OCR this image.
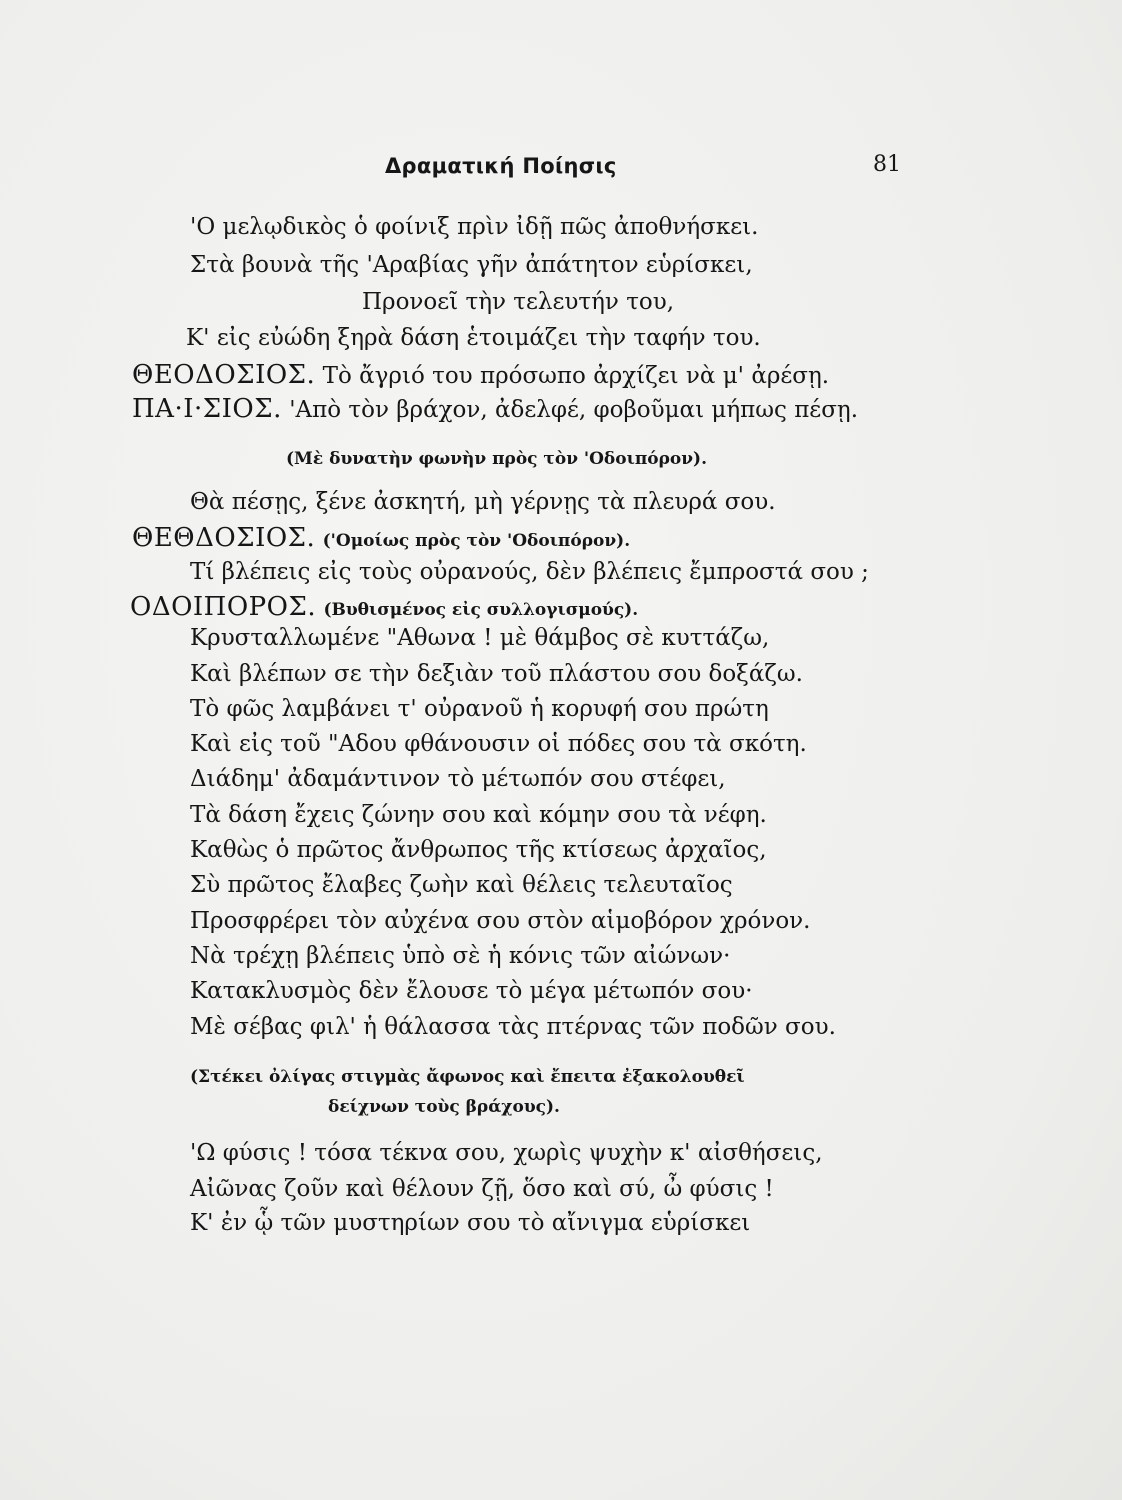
Δραματική Ποίησις	81
'Ο μελῳδικὸς ὁ φοίνιξ πρὶν ἰδῇ πῶς ἀποθνήσκει.
Στὰ βουνὰ τῆς 'Αραβίας γῆν ἀπάτητον εὑρίσκει,
Προνοεῖ τὴν τελευτήν του,
Κ' εἰς εὐώδη ξηρὰ δάση ἑτοιμάζει τὴν ταφήν του.
ΘΕΟΔΟΣΙΟΣ. Τὸ ἄγριό του πρόσωπο ἀρχίζει νὰ μ' ἀρέσῃ.
ΠΑ·Ι·ΣΙΟΣ. 'Απὸ τὸν βράχον, ἀδελφέ, φοβοῦμαι μήπως πέσῃ.
(Μὲ δυνατὴν φωνὴν πρὸς τὸν 'Οδοιπόρον).
Θὰ πέσῃς, ξένε ἀσκητή, μὴ γέρνῃς τὰ πλευρά σου.
ΘΕΘΔΟΣΙΟΣ. ('Ομοίως πρὸς τὸν 'Οδοιπόρον).
Τί βλέπεις εἰς τοὺς οὐρανούς, δὲν βλέπεις ἔμπροστά σου ;
ΟΔΟΙΠΟΡΟΣ. (Βυθισμένος εἰς συλλογισμούς).
Κρυσταλλωμένε "Αθωνα ! μὲ θάμβος σὲ κυττάζω,
Καὶ βλέπων σε τὴν δεξιὰν τοῦ πλάστου σου δοξάζω.
Τὸ φῶς λαμβάνει τ' οὐρανοῦ ἡ κορυφή σου πρώτη
Καὶ εἰς τοῦ "Αδου φθάνουσιν οἱ πόδες σου τὰ σκότη.
Διάδημ' ἀδαμάντινον τὸ μέτωπόν σου στέφει,
Τὰ δάση ἔχεις ζώνην σου καὶ κόμην σου τὰ νέφη.
Καθὼς ὁ πρῶτος ἄνθρωπος τῆς κτίσεως ἀρχαῖος,
Σὺ πρῶτος ἔλαβες ζωὴν καὶ θέλεις τελευταῖος
Προσφρέρει τὸν αὐχένα σου στὸν αἱμοβόρον χρόνον.
Νὰ τρέχῃ βλέπεις ὑπὸ σὲ ἡ κόνις τῶν αἰώνων·
Κατακλυσμὸς δὲν ἔλουσε τὸ μέγα μέτωπόν σου·
Μὲ σέβας φιλ' ἡ θάλασσα τὰς πτέρνας τῶν ποδῶν σου.
(Στέκει ὀλίγας στιγμὰς ἄφωνος καὶ ἔπειτα ἐξακολουθεῖ
δείχνων τοὺς βράχους).
'Ω φύσις ! τόσα τέκνα σου, χωρὶς ψυχὴν κ' αἰσθήσεις,
Αἰῶνας ζοῦν καὶ θέλουν ζῇ, ὅσο καὶ σύ, ὦ φύσις !
Κ' ἐν ᾧ τῶν μυστηρίων σου τὸ αἴνιγμα εὑρίσκει
